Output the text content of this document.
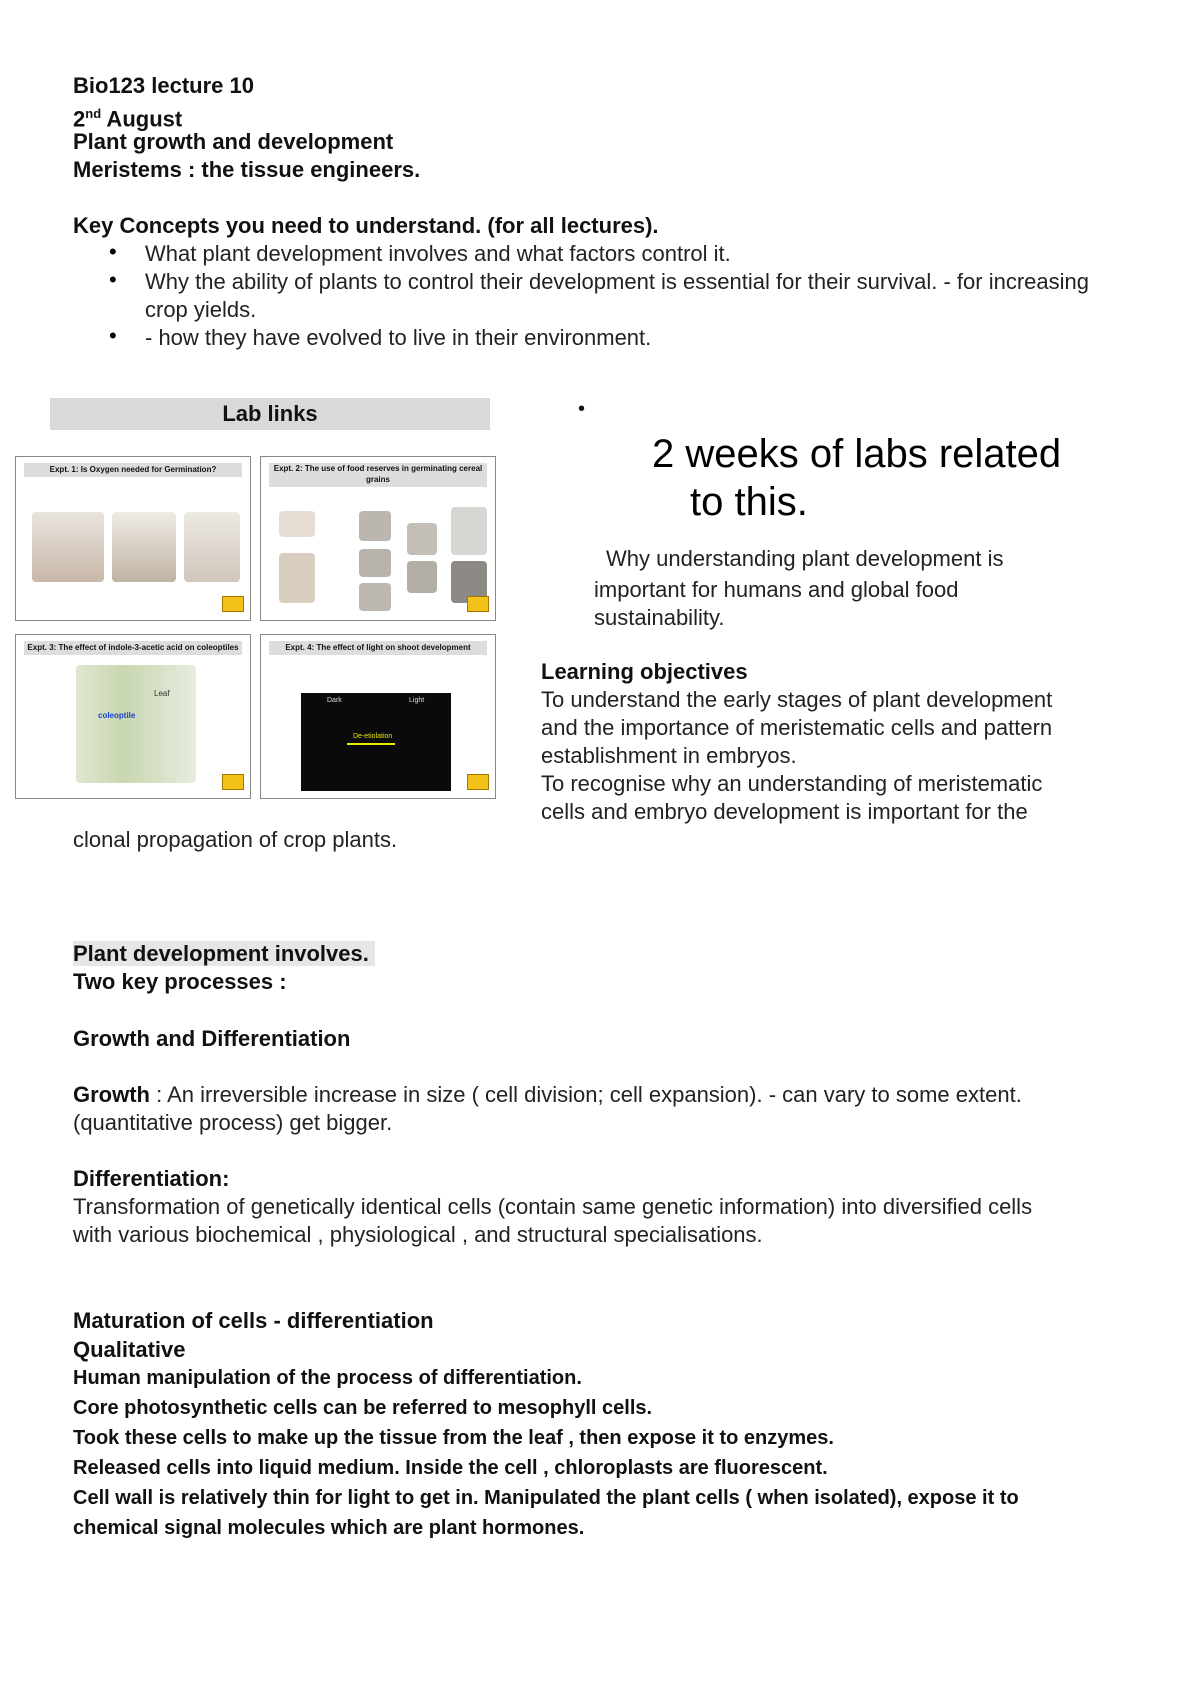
Bio123 lecture 10
2nd August
Plant growth and development
Meristems : the tissue engineers.
Key Concepts you need to understand. (for all lectures).
• What plant development involves and what factors control it.
• Why the ability of plants to control their development is essential for their survival. - for increasing crop yields.
• - how they have evolved to live in their environment.
Lab links
Expt. 1: Is Oxygen needed for Germination?	Expt. 2: The use of food reserves in germinating cereal grains
Expt. 3: The effect of indole-3-acetic acid on coleoptiles
Leaf
coleoptile
Expt. 4: The effect of light on shoot development
Dark	Light
De-etiolation
•
2 weeks of labs related
to this.
Why understanding plant development is
important for humans and global food
sustainability.
Learning objectives
To understand the early stages of plant development
and the importance of meristematic cells and pattern
establishment in embryos.
To recognise why an understanding of meristematic
cells and embryo development is important for the
clonal propagation of crop plants.
Plant development involves.
Two key processes :
Growth and Differentiation
Growth : An irreversible increase in size ( cell division; cell expansion). - can vary to some extent.
(quantitative process) get bigger.
Differentiation:
Transformation of genetically identical cells (contain same genetic information) into diversified cells
with various biochemical , physiological , and structural specialisations.
Maturation of cells - differentiation
Qualitative
Human manipulation of the process of differentiation.
Core photosynthetic cells can be referred to mesophyll cells.
Took these cells to make up the tissue from the leaf , then expose it to enzymes.
Released cells into liquid medium. Inside the cell , chloroplasts are fluorescent.
Cell wall is relatively thin for light to get in. Manipulated the plant cells ( when isolated), expose it to
chemical signal molecules which are plant hormones.
